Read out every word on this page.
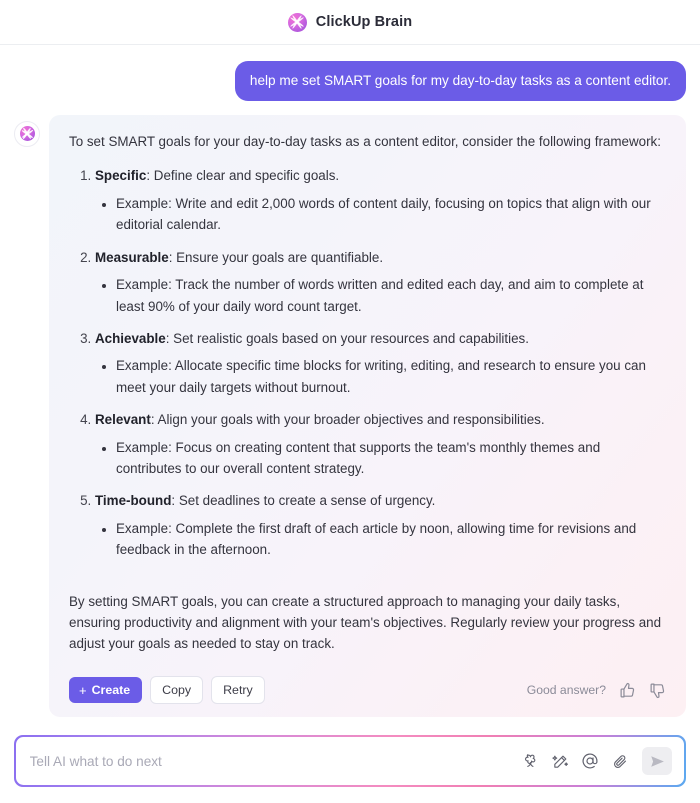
ClickUp Brain
help me set SMART goals for my day-to-day tasks as a content editor.

To set SMART goals for your day-to-day tasks as a content editor, consider the following framework:

1. Specific: Define clear and specific goals.
• Example: Write and edit 2,000 words of content daily, focusing on topics that align with our editorial calendar.
2. Measurable: Ensure your goals are quantifiable.
• Example: Track the number of words written and edited each day, and aim to complete at least 90% of your daily word count target.
3. Achievable: Set realistic goals based on your resources and capabilities.
• Example: Allocate specific time blocks for writing, editing, and research to ensure you can meet your daily targets without burnout.
4. Relevant: Align your goals with your broader objectives and responsibilities.
• Example: Focus on creating content that supports the team's monthly themes and contributes to our overall content strategy.
5. Time-bound: Set deadlines to create a sense of urgency.
• Example: Complete the first draft of each article by noon, allowing time for revisions and feedback in the afternoon.

By setting SMART goals, you can create a structured approach to managing your daily tasks, ensuring productivity and alignment with your team's objectives. Regularly review your progress and adjust your goals as needed to stay on track.

+ Create	Copy	Retry	Good answer?
Tell AI what to do next
